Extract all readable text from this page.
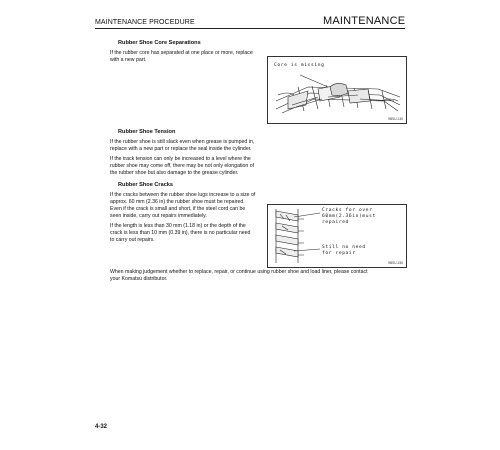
MAINTENANCE PROCEDURE	MAINTENANCE
Rubber Shoe Core Separations
If the rubber core has separated at one place or more, replace
with a new part.
Core is missing
9BSU-140
Rubber Shoe Tension
If the rubber shoe is still slack even when grease is pumped in,
replace with a new part or replace the seal inside the cylinder.
If the track tension can only be increased to a level where the
rubber shoe may come off, there may be not only elongation of
the rubber shoe but also damage to the grease cylinder.
Rubber Shoe Cracks
If the cracks between the rubber shoe lugs increase to a size of
approx. 60 mm (2.36 in) the rubber shoe must be repaired.
Even if the crack is small and short, if the steel cord can be
seen inside, carry out repairs immediately.
If the length is less than 30 mm (1.18 in) or the depth of the
crack is less than 10 mm (0.39 in), there is no particular need
to carry out repairs.
Cracks for over
60mm(2.36in)must
repaired
Still no need
for repair
9BSU-150
When making judgement whether to replace, repair, or continue using rubber shoe and load liner, please contact
your Komatsu distributor.
4-32
